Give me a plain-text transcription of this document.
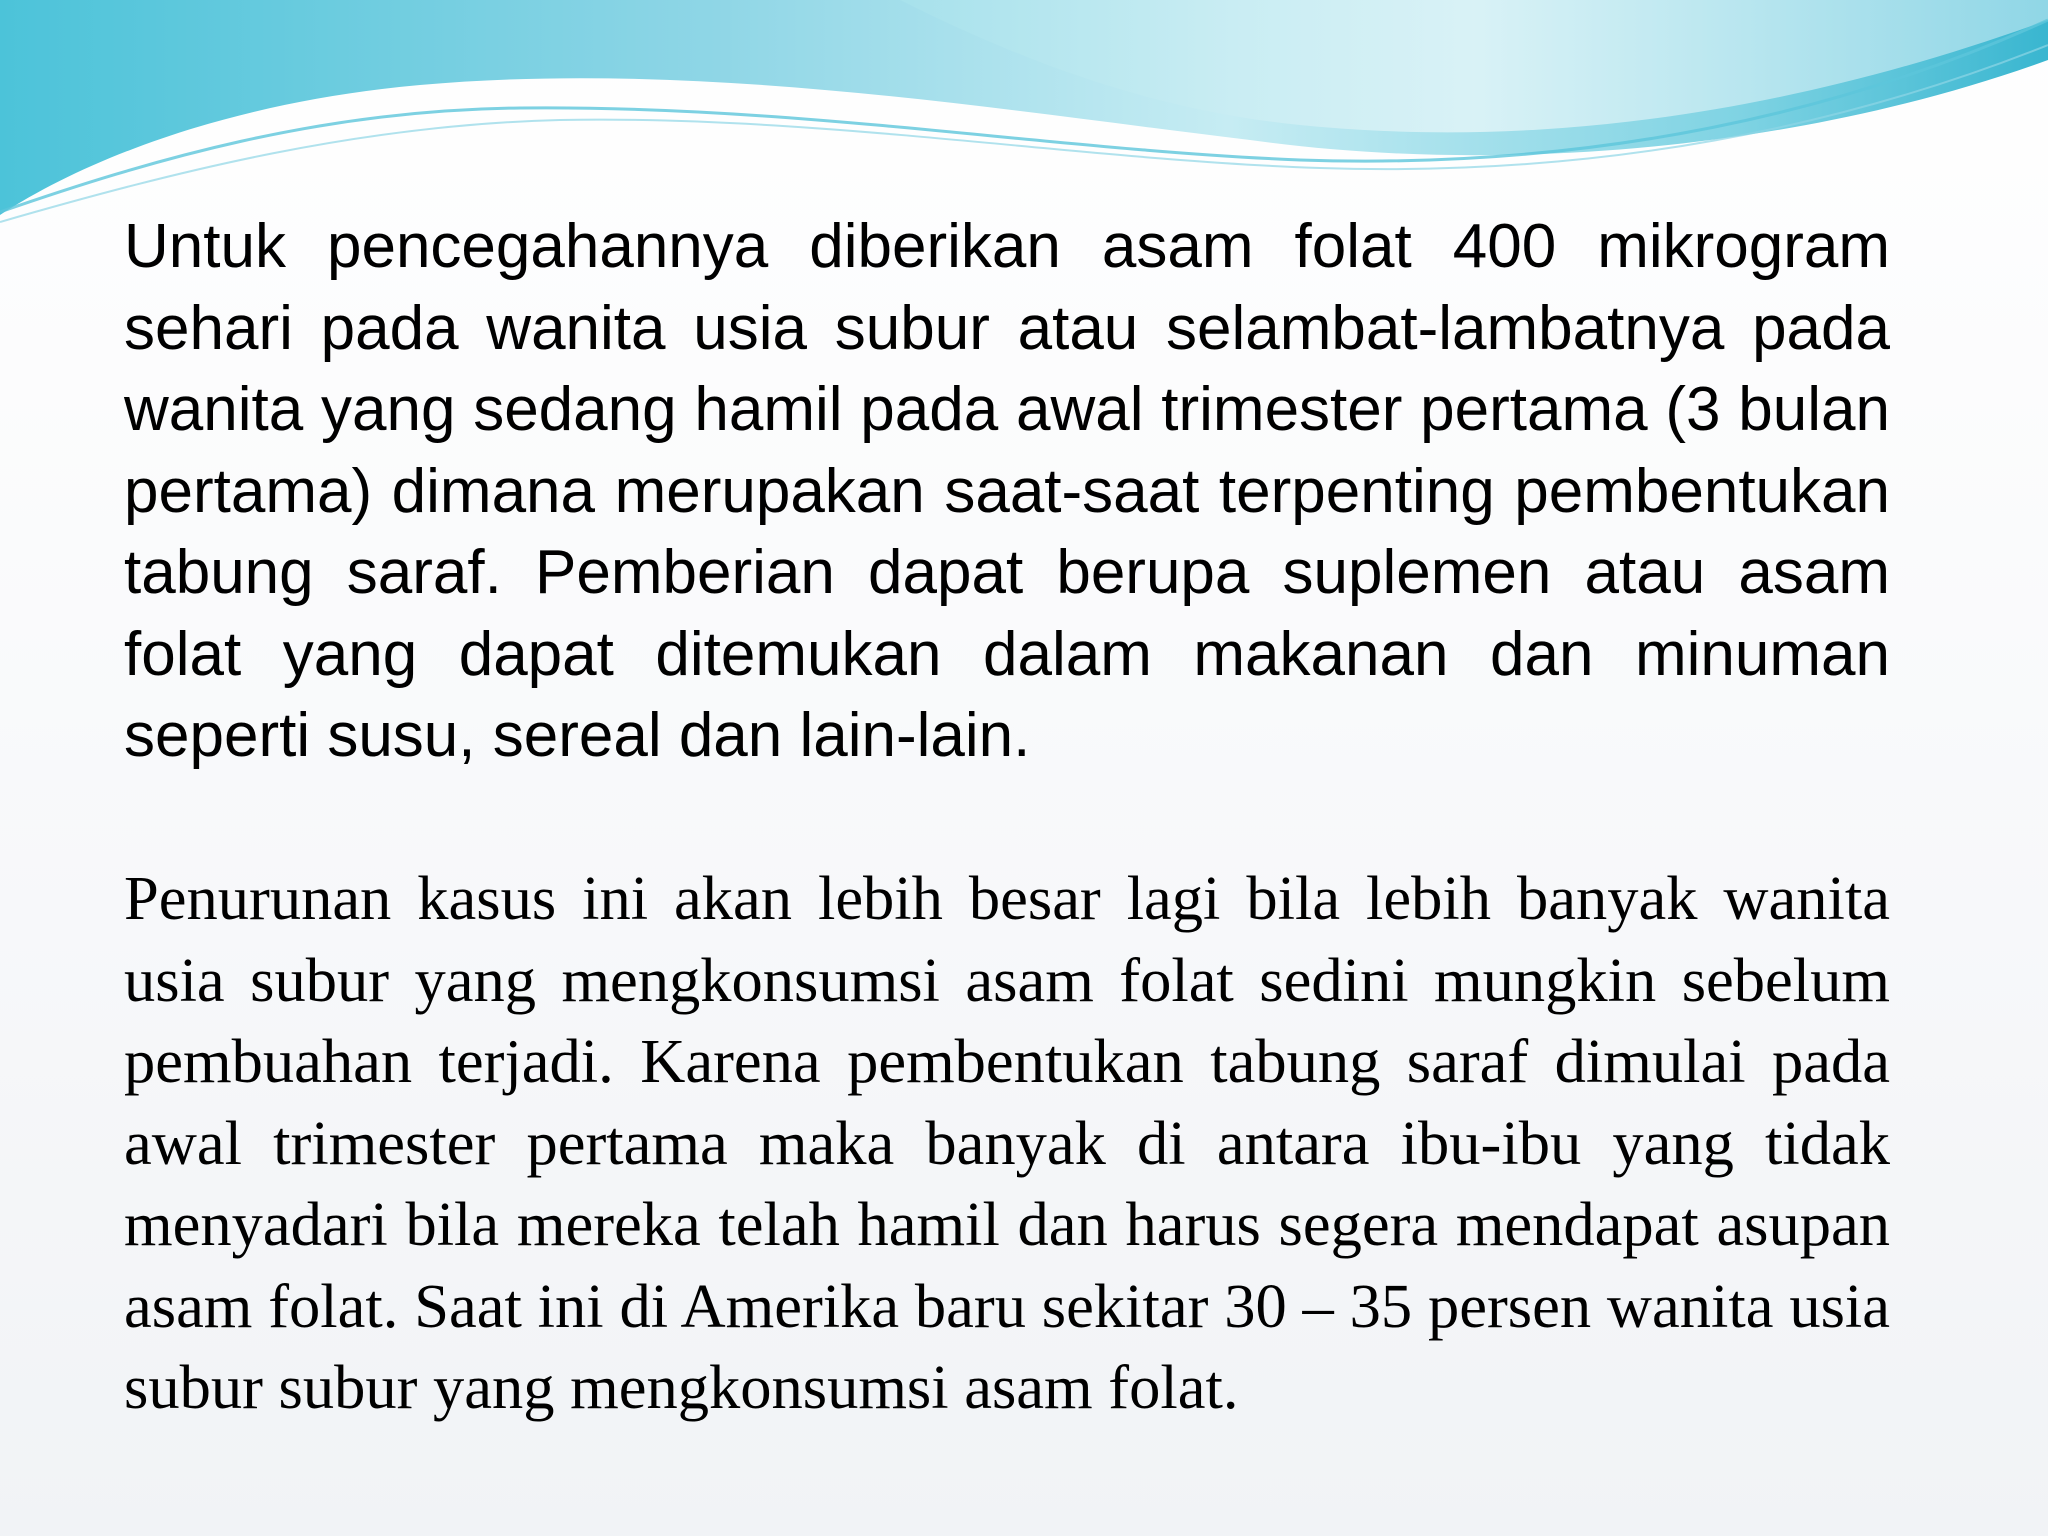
Untuk pencegahannya diberikan asam folat 400 mikrogram sehari pada wanita usia subur atau selambat-lambatnya pada wanita yang sedang hamil pada awal trimester pertama (3 bulan pertama) dimana merupakan saat-saat terpenting pembentukan tabung saraf. Pemberian dapat berupa suplemen atau asam folat yang dapat ditemukan dalam makanan dan minuman seperti susu, sereal dan lain-lain.

Penurunan kasus ini akan lebih besar lagi bila lebih banyak wanita usia subur yang mengkonsumsi asam folat sedini mungkin sebelum pembuahan terjadi. Karena pembentukan tabung saraf dimulai pada awal trimester pertama maka banyak di antara ibu-ibu yang tidak menyadari bila mereka telah hamil dan harus segera mendapat asupan asam folat. Saat ini di Amerika baru sekitar 30 – 35 persen wanita usia subur subur yang mengkonsumsi asam folat.
